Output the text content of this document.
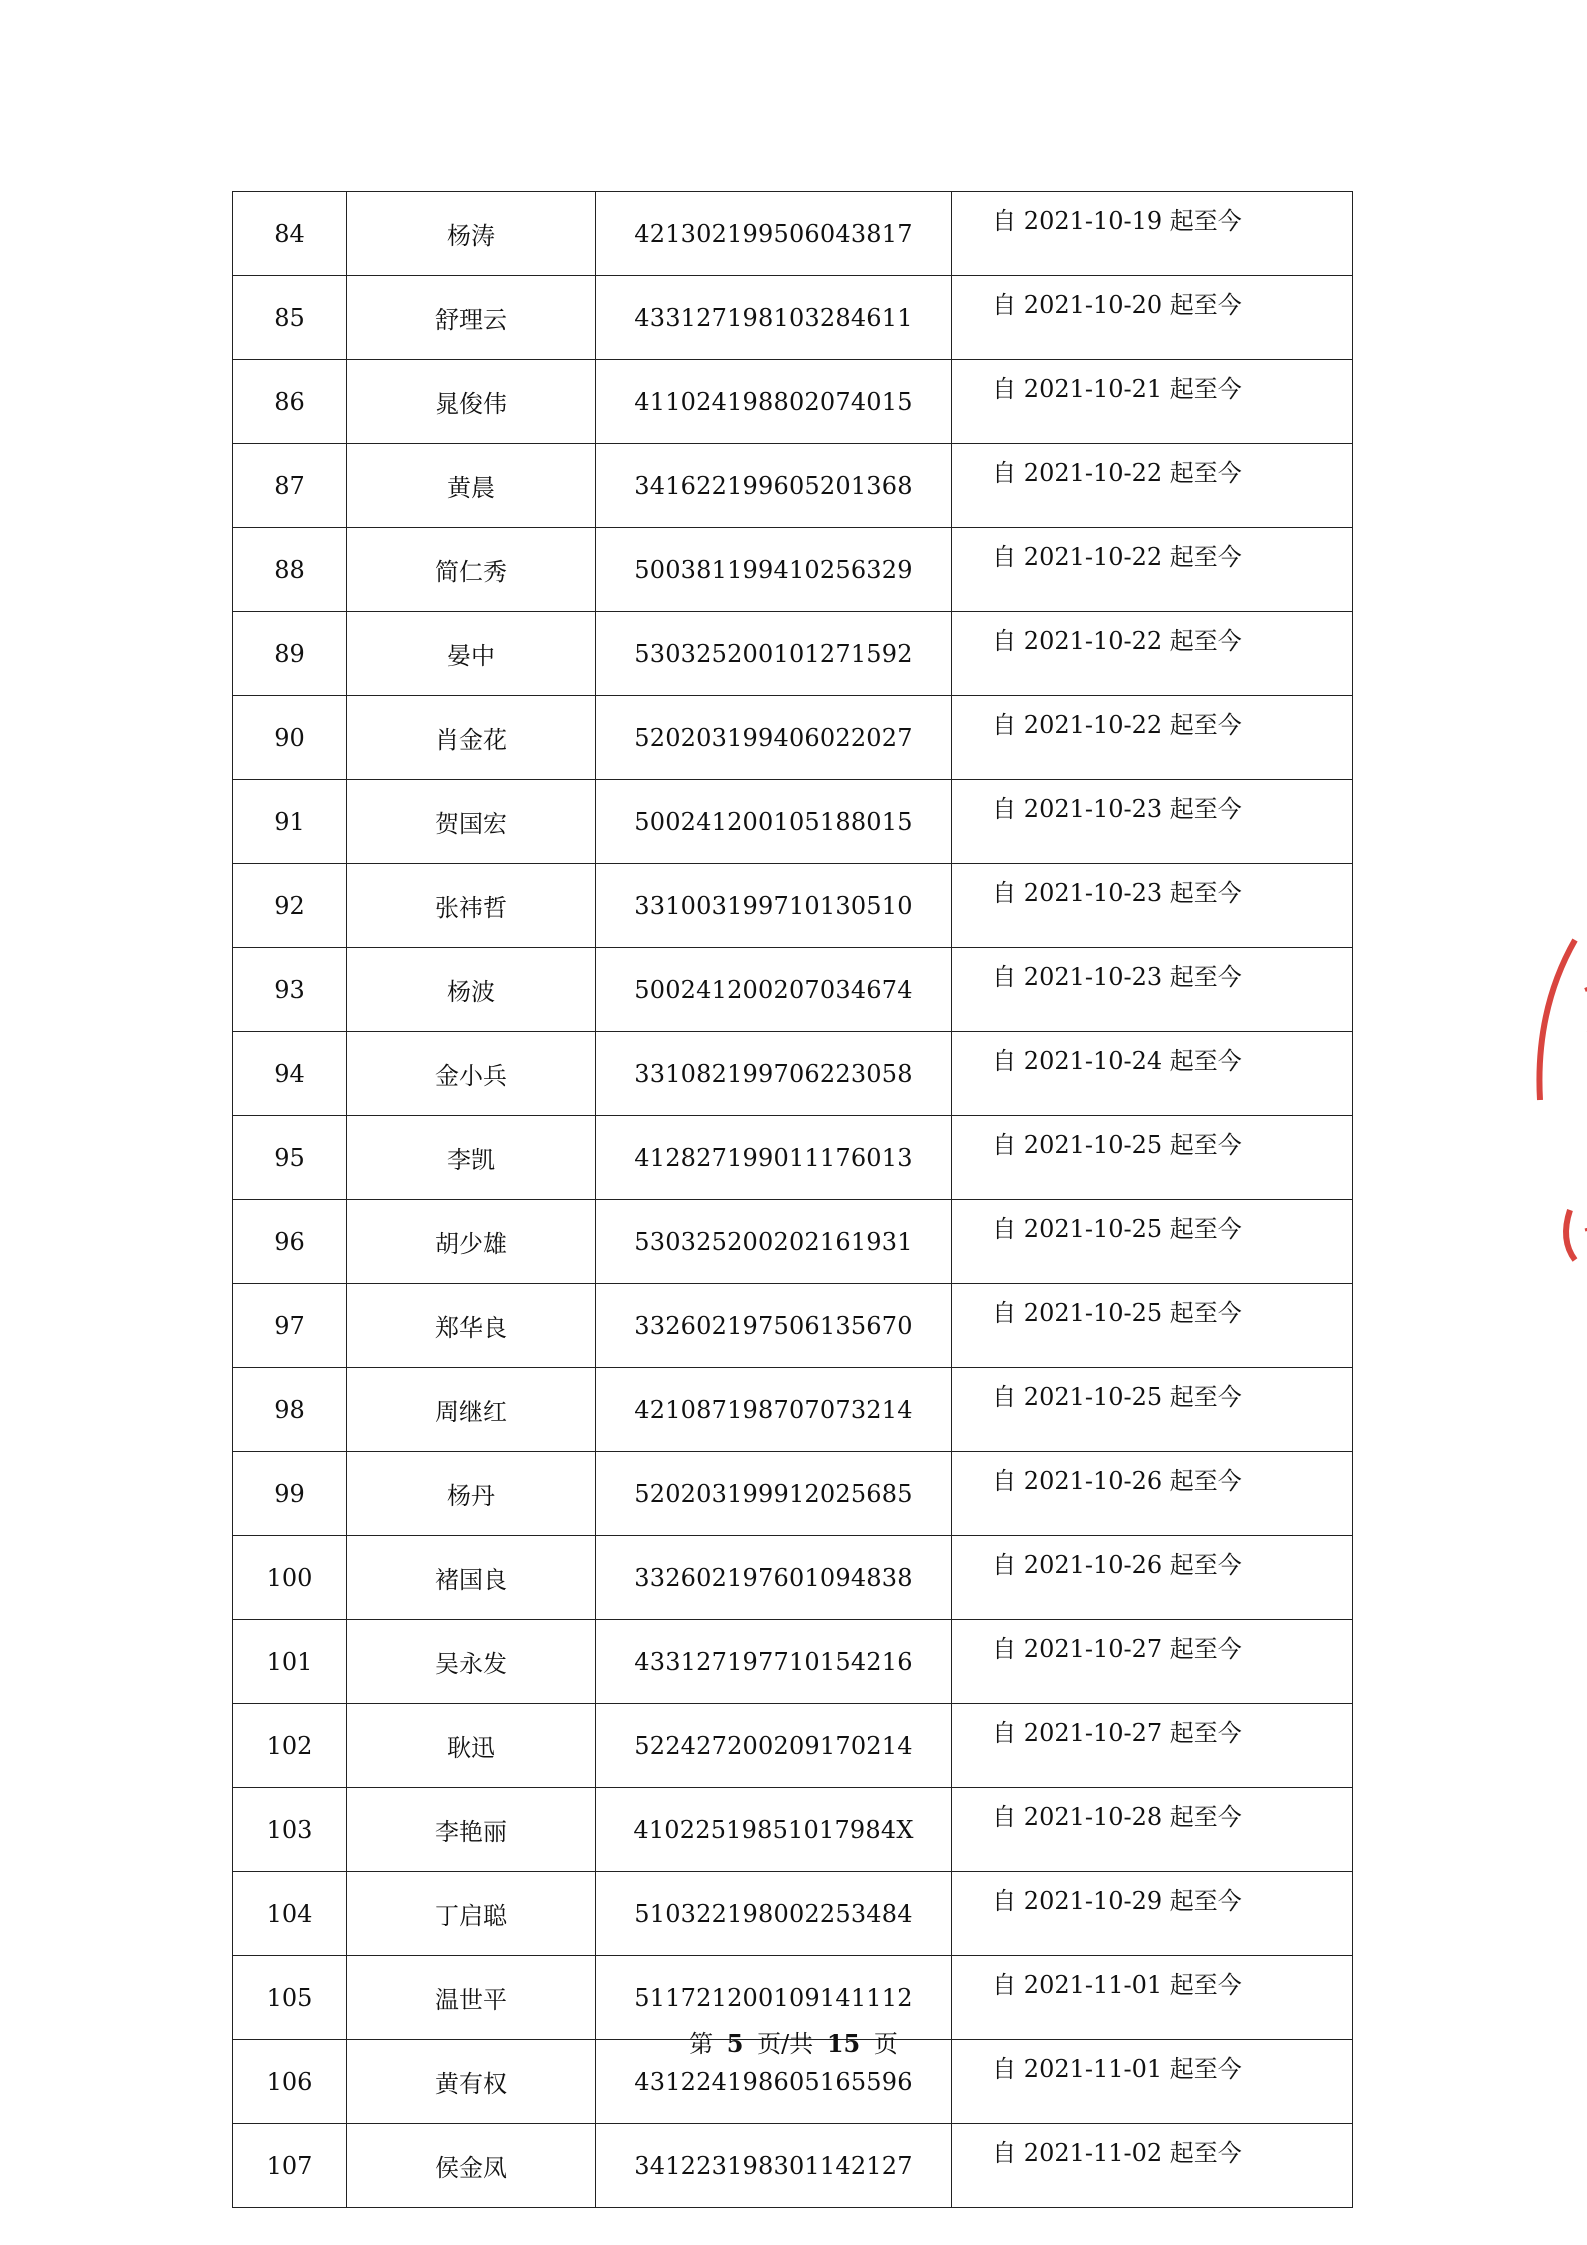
84	杨涛	421302199506043817	自 2021-10-19 起至今
85	舒理云	433127198103284611	自 2021-10-20 起至今
86	晁俊伟	411024198802074015	自 2021-10-21 起至今
87	黄晨	341622199605201368	自 2021-10-22 起至今
88	简仁秀	500381199410256329	自 2021-10-22 起至今
89	晏中	530325200101271592	自 2021-10-22 起至今
90	肖金花	520203199406022027	自 2021-10-22 起至今
91	贺国宏	500241200105188015	自 2021-10-23 起至今
92	张祎哲	331003199710130510	自 2021-10-23 起至今
93	杨波	500241200207034674	自 2021-10-23 起至今
94	金小兵	331082199706223058	自 2021-10-24 起至今
95	李凯	412827199011176013	自 2021-10-25 起至今
96	胡少雄	530325200202161931	自 2021-10-25 起至今
97	郑华良	332602197506135670	自 2021-10-25 起至今
98	周继红	421087198707073214	自 2021-10-25 起至今
99	杨丹	520203199912025685	自 2021-10-26 起至今
100	褚国良	332602197601094838	自 2021-10-26 起至今
101	吴永发	433127197710154216	自 2021-10-27 起至今
102	耿迅	522427200209170214	自 2021-10-27 起至今
103	李艳丽	41022519851017984X	自 2021-10-28 起至今
104	丁启聪	510322198002253484	自 2021-10-29 起至今
105	温世平	511721200109141112	自 2021-11-01 起至今
106	黄有权	431224198605165596	自 2021-11-01 起至今
107	侯金凤	341223198301142127	自 2021-11-02 起至今
第 5 页/共 15 页
